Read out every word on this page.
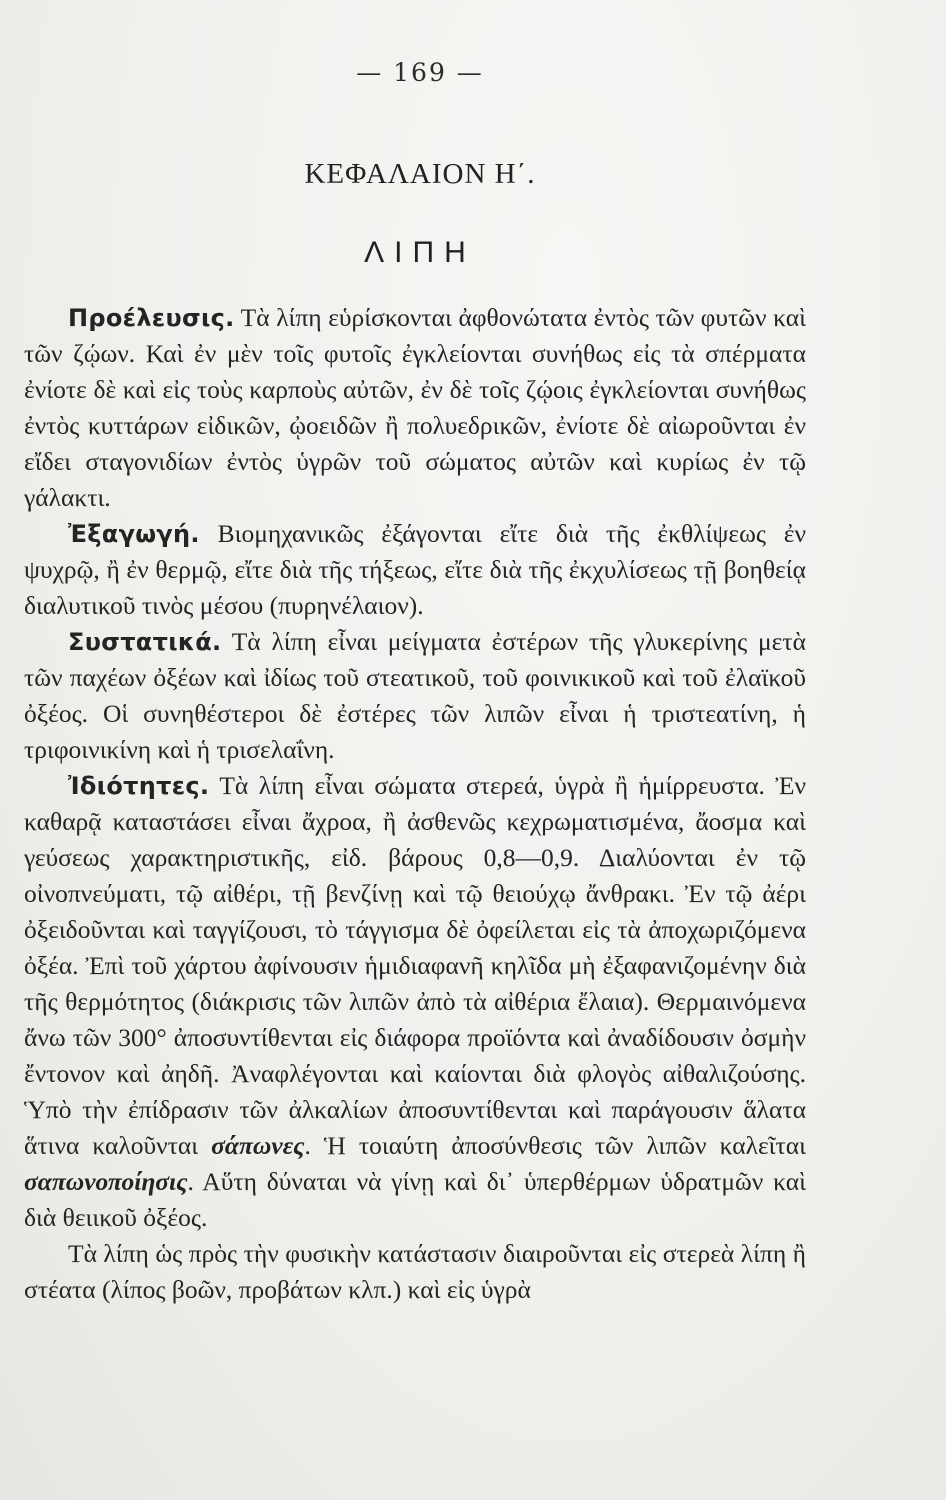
— 169 —
ΚΕΦΑΛΑΙΟΝ Η΄.
ΛΙΠΗ

Προέλευσις. Τὰ λίπη εὑρίσκονται ἀφθονώτατα ἐντὸς τῶν φυτῶν καὶ τῶν ζῴων. Καὶ ἐν μὲν τοῖς φυτοῖς ἐγκλείονται συνήθως εἰς τὰ σπέρματα ἐνίοτε δὲ καὶ εἰς τοὺς καρποὺς αὐτῶν, ἐν δὲ τοῖς ζῴοις ἐγκλείονται συνήθως ἐντὸς κυττάρων εἰδικῶν, ᾠοειδῶν ἢ πολυεδρικῶν, ἐνίοτε δὲ αἰωροῦνται ἐν εἴδει σταγονιδίων ἐντὸς ὑγρῶν τοῦ σώματος αὐτῶν καὶ κυρίως ἐν τῷ γάλακτι.

Ἐξαγωγή. Βιομηχανικῶς ἐξάγονται εἴτε διὰ τῆς ἐκθλίψεως ἐν ψυχρῷ, ἢ ἐν θερμῷ, εἴτε διὰ τῆς τήξεως, εἴτε διὰ τῆς ἐκχυλίσεως τῇ βοηθείᾳ διαλυτικοῦ τινὸς μέσου (πυρηνέλαιον).

Συστατικά. Τὰ λίπη εἶναι μείγματα ἐστέρων τῆς γλυκερίνης μετὰ τῶν παχέων ὀξέων καὶ ἰδίως τοῦ στεατικοῦ, τοῦ φοινικικοῦ καὶ τοῦ ἐλαϊκοῦ ὀξέος. Οἱ συνηθέστεροι δὲ ἐστέρες τῶν λιπῶν εἶναι ἡ τριστεατίνη, ἡ τριφοινικίνη καὶ ἡ τρισελαΐνη.

Ἰδιότητες. Τὰ λίπη εἶναι σώματα στερεά, ὑγρὰ ἢ ἡμίρρευστα. Ἐν καθαρᾷ καταστάσει εἶναι ἄχροα, ἢ ἀσθενῶς κεχρωματισμένα, ἄοσμα καὶ γεύσεως χαρακτηριστικῆς, εἰδ. βάρους 0,8—0,9. Διαλύονται ἐν τῷ οἰνοπνεύματι, τῷ αἰθέρι, τῇ βενζίνῃ καὶ τῷ θειούχῳ ἄνθρακι. Ἐν τῷ ἀέρι ὀξειδοῦνται καὶ ταγγίζουσι, τὸ τάγγισμα δὲ ὀφείλεται εἰς τὰ ἀποχωριζόμενα ὀξέα. Ἐπὶ τοῦ χάρτου ἀφίνουσιν ἡμιδιαφανῆ κηλῖδα μὴ ἐξαφανιζομένην διὰ τῆς θερμότητος (διάκρισις τῶν λιπῶν ἀπὸ τὰ αἰθέρια ἔλαια). Θερμαινόμενα ἄνω τῶν 300° ἀποσυντίθενται εἰς διάφορα προϊόντα καὶ ἀναδίδουσιν ὀσμὴν ἔντονον καὶ ἀηδῆ. Ἀναφλέγονται καὶ καίονται διὰ φλογὸς αἰθαλιζούσης. Ὑπὸ τὴν ἐπίδρασιν τῶν ἀλκαλίων ἀποσυντίθενται καὶ παράγουσιν ἅλατα ἅτινα καλοῦνται σάπωνες. Ἡ τοιαύτη ἀποσύνθεσις τῶν λιπῶν καλεῖται σαπωνοποίησις. Αὕτη δύναται νὰ γίνῃ καὶ δι᾽ ὑπερθέρμων ὑδρατμῶν καὶ διὰ θειικοῦ ὀξέος.

Τὰ λίπη ὡς πρὸς τὴν φυσικὴν κατάστασιν διαιροῦνται εἰς στερεὰ λίπη ἢ στέατα (λίπος βοῶν, προβάτων κλπ.) καὶ εἰς ὑγρὰ
